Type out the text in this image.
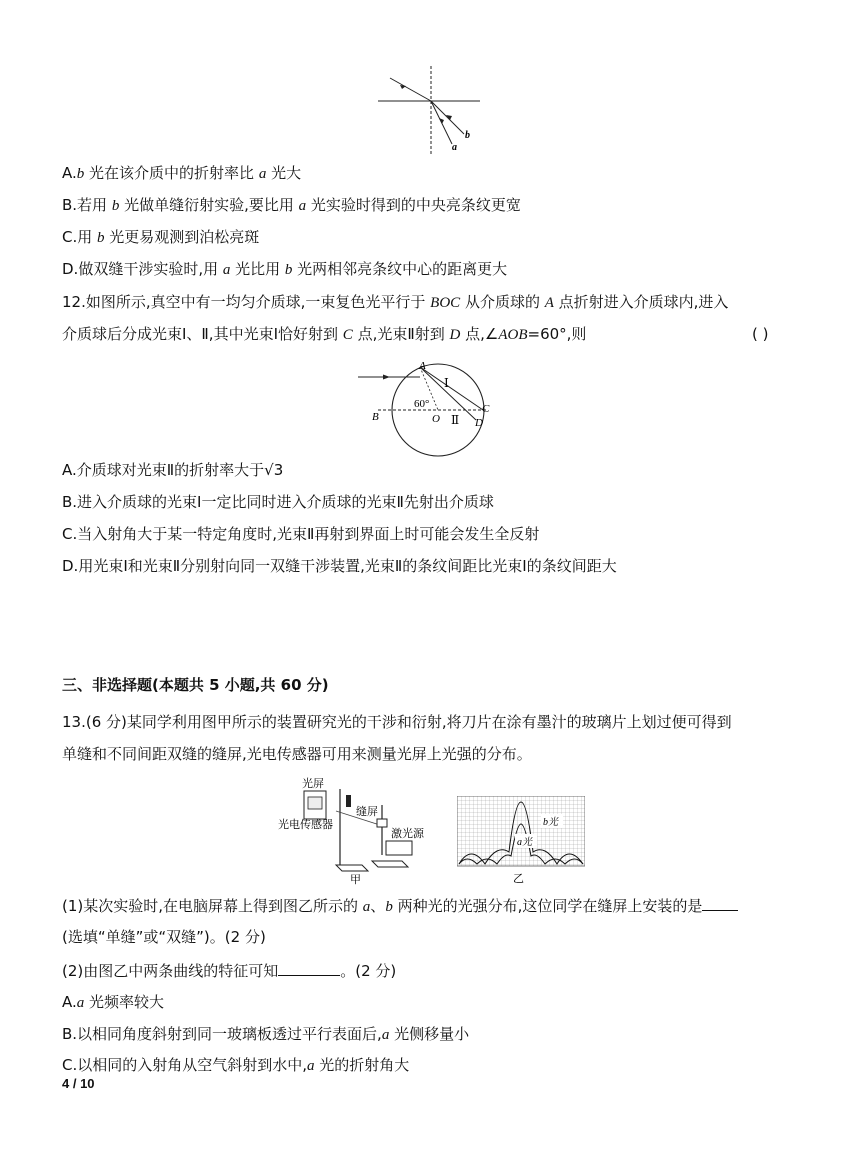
a
b
A.b 光在该介质中的折射率比 a 光大
B.若用 b 光做单缝衍射实验,要比用 a 光实验时得到的中央亮条纹更宽
C.用 b 光更易观测到泊松亮斑
D.做双缝干涉实验时,用 a 光比用 b 光两相邻亮条纹中心的距离更大
12.如图所示,真空中有一均匀介质球,一束复色光平行于 BOC 从介质球的 A 点折射进入介质球内,进入
介质球后分成光束Ⅰ、Ⅱ,其中光束Ⅰ恰好射到 C 点,光束Ⅱ射到 D 点,∠AOB=60°,则	( )
A
Ⅰ
60°
O Ⅱ
C
D
B
A.介质球对光束Ⅱ的折射率大于√3
B.进入介质球的光束Ⅰ一定比同时进入介质球的光束Ⅱ先射出介质球
C.当入射角大于某一特定角度时,光束Ⅱ再射到界面上时可能会发生全反射
D.用光束Ⅰ和光束Ⅱ分别射向同一双缝干涉装置,光束Ⅱ的条纹间距比光束Ⅰ的条纹间距大
三、非选择题(本题共 5 小题,共 60 分)
13.(6 分)某同学利用图甲所示的装置研究光的干涉和衍射,将刀片在涂有墨汁的玻璃片上划过便可得到
单缝和不同间距双缝的缝屏,光电传感器可用来测量光屏上光强的分布。
光屏
缝屏
光电传感器
激光源
甲
b光
a光
乙
(1)某次实验时,在电脑屏幕上得到图乙所示的 a、b 两种光的光强分布,这位同学在缝屏上安装的是
(选填“单缝”或“双缝”)。(2 分)
(2)由图乙中两条曲线的特征可知	。(2 分)
A.a 光频率较大
B.以相同角度斜射到同一玻璃板透过平行表面后,a 光侧移量小
C.以相同的入射角从空气斜射到水中,a 光的折射角大
4 / 10
